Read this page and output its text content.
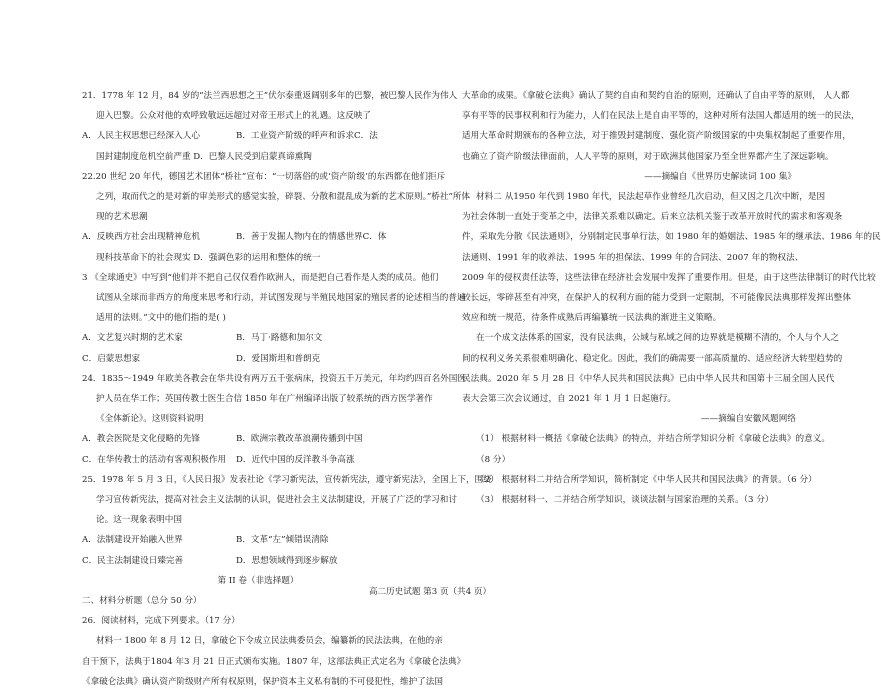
21．1778 年 12 月，84 岁的“法兰西思想之王”伏尔泰重返阔别多年的巴黎，被巴黎人民作为伟人
迎入巴黎。公众对他的欢呼致敬远远超过对帝王形式上的礼遇。这反映了
A．人民主权思想已经深入人心	B．工业资产阶级的呼声和诉求C．法
国封建制度危机空前严重 D．巴黎人民受到启蒙真谛熏陶
22.20 世纪 20 年代，德国艺术团体“桥社”宣布：“一切落俗的或‘资产阶级’的东西都在他们拒斥
之列，取而代之的是对新的审美形式的感觉实验，碎裂、分散和混乱成为新的艺术原则。”桥社”所体
现的艺术思潮
A．反映西方社会出现精神危机	B．善于发掘人物内在的情感世界C．体
现科技革命下的社会现实 D．强调色彩的运用和整体的统一
3 《全球通史》中写到“他们并不把自己仅仅看作欧洲人，而是把自己看作是人类的成员。他们
试图从全球而非西方的角度来思考和行动，并试图发现与半殖民地国家的殖民者的论述相当的普遍
适用的法则。”文中的他们指的是( )
A．文艺复兴时期的艺术家	B．马丁·路德和加尔文
C．启蒙思想家	D．爱国斯坦和普朗克
24．1835～1949 年欧美各教会在华共设有两万五千张病床，投资五千万美元，年均约四百名外国医
护人员在华工作；英国传教士医生合信 1850 年在广州编译出版了较系统的西方医学著作
《全体新论》。这则资料说明
A．教会医院是文化侵略的先锋	B．欧洲宗教改革浪潮传播到中国
C．在华传教士的活动有客观积极作用	D．近代中国的反洋教斗争高涨
25．1978 年 5 月 3 日，《人民日报》发表社论《学习新宪法，宣传新宪法，遵守新宪法》，全国上下，围绕
学习宣传新宪法，提高对社会主义法制的认识，促进社会主义法制建设，开展了广泛的学习和讨
论。这一现象表明中国
A．法制建设开始融入世界	B．文革“左”倾错误清除
C．民主法制建设日臻完善	D．思想领域得到逐步解放
第 II 卷（非选择题）
二、材料分析题（总分 50 分）
26．阅读材料，完成下列要求。（17 分）
材料一 1800 年 8 月 12 日，拿破仑下令成立民法典委员会，编纂新的民法法典，在他的亲
自干预下，法典于1804 年3 月 21 日正式颁布实施。1807 年，这部法典正式定名为《拿破仑法典》
《拿破仑法典》确认资产阶级财产所有权原则，保护资本主义私有制的不可侵犯性，维护了法国
大革命的成果。《拿破仑法典》确认了契约自由和契约自治的原则，还确认了自由平等的原则， 人人都
享有平等的民事权利和行为能力，人们在民法上是自由平等的，这种对所有法国人都适用的统一的民法，
适用大革命时期颁布的各种立法，对于推毁封建制度、强化资产阶级国家的中央集权制起了重要作用，
也确立了资产阶级法律面前，人人平等的原则，对于欧洲其他国家乃至全世界都产生了深远影响。
——摘编自《世界历史解读词 100 集》
材料二 从1950 年代到 1980 年代，民法起草作业曾经几次启动，但又因之几次中断，是因
为社会体制一直处于变革之中，法律关系难以确定。后来立法机关鉴于改革开放时代的需求和客观条
件，采取先分散《民法通则》，分别制定民事单行法，如 1980 年的婚姻法、1985 年的继承法、1986 年的民
法通则、1991 年的收养法、1995 年的担保法、1999 年的合同法、2007 年的物权法、
2009 年的侵权责任法等，这些法律在经济社会发展中发挥了重要作用。但是，由于这些法律制订的时代比较
较长远，零碎甚至有冲突，在保护人的权利方面的能力受到一定限制，不可能像民法典那样发挥出整体
效应和统一规范，待条件成熟后再编纂统一民法典的渐进主义策略。
在一个成文法体系的国家，没有民法典，公域与私域之间的边界就是模糊不清的，个人与个人之
间的权利义务关系很难明确化、稳定化。因此，我们的确需要一部高质量的、适应经济大转型趋势的
民法典。2020 年 5 月 28 日《中华人民共和国民法典》已由中华人民共和国第十三届全国人民代
表大会第三次会议通过，自 2021 年 1 月 1 日起施行。
——摘编自安徽风题网络
（1） 根据材料一概括《拿破仑法典》的特点，并结合所学知识分析《拿破仑法典》的意义。
（8 分）
（2） 根据材料二并结合所学知识，简析制定《中华人民共和国民法典》的背景。（6 分）
（3） 根据材料一、二并结合所学知识，谈谈法制与国家治理的关系。（3 分）
高二历史试题 第3 页（共4 页）
